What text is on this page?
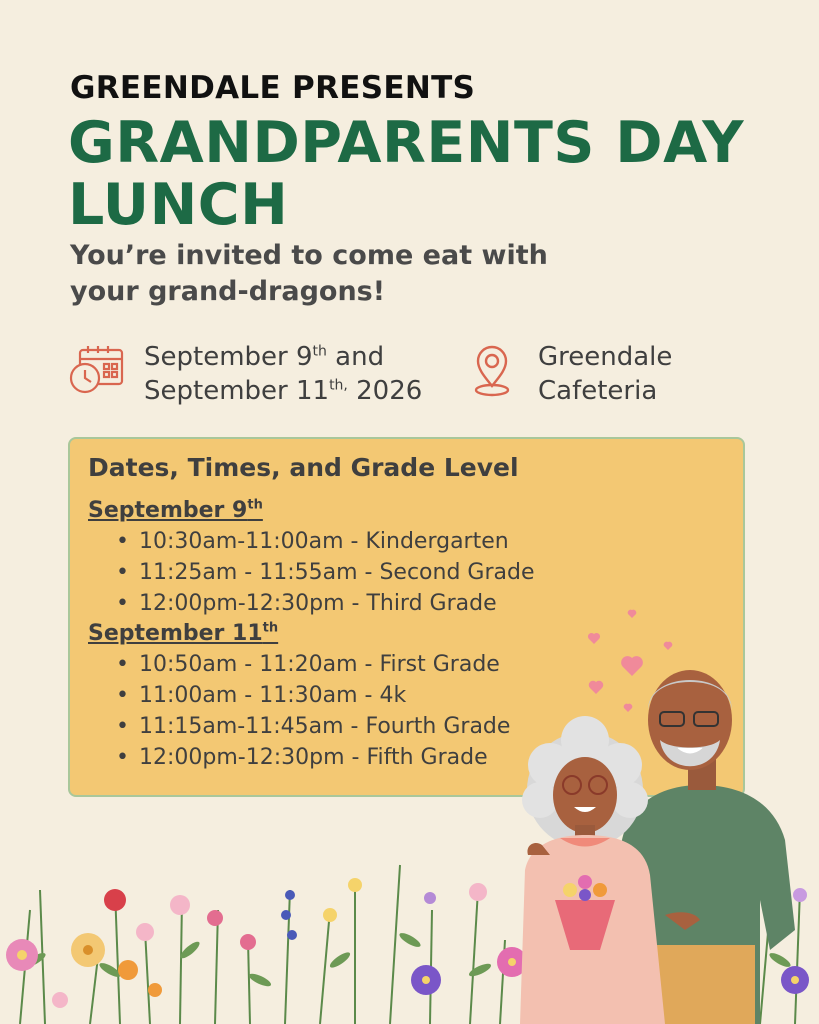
GREENDALE PRESENTS
GRANDPARENTS DAY
LUNCH
You’re invited to come eat with
your grand-dragons!
September 9th and
September $11^{th,}$ 2026
Greendale
Cafeteria
Dates, Times, and Grade Level
September 9th
• 10:30am-11:00am - Kindergarten
• 11:25am - 11:55am - Second Grade
• 12:00pm-12:30pm - Third Grade
September 11th
• 10:50am - 11:20am - First Grade
• 11:00am - 11:30am - 4k
• 11:15am-11:45am - Fourth Grade
• 12:00pm-12:30pm - Fifth Grade
